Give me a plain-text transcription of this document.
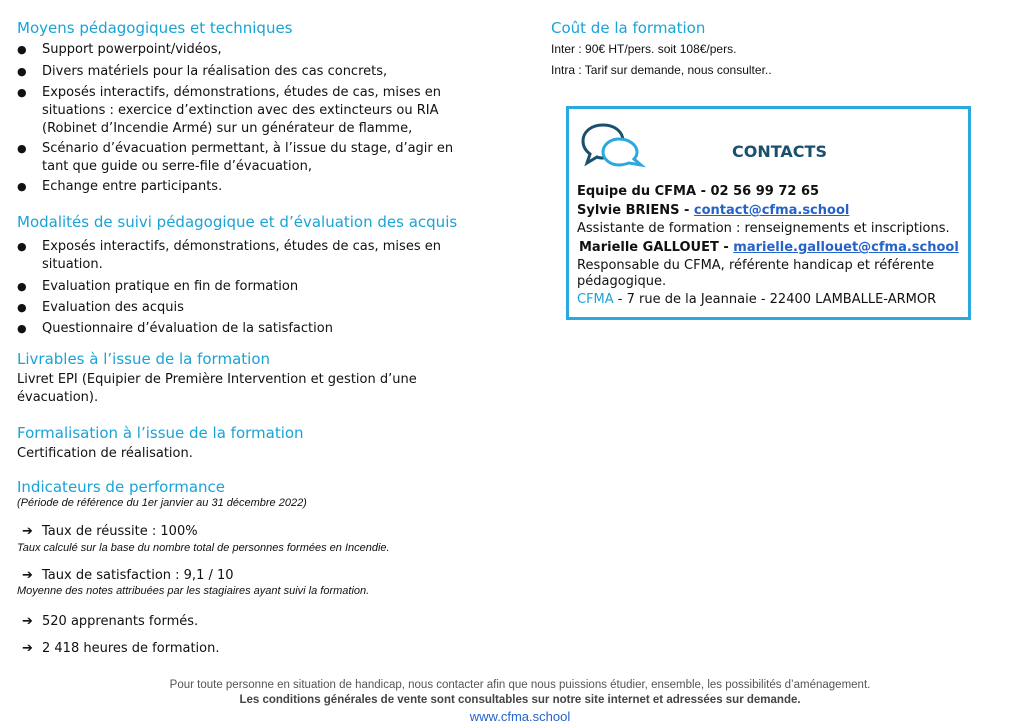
Moyens pédagogiques et techniques
● Support powerpoint/vidéos,
● Divers matériels pour la réalisation des cas concrets,
● Exposés interactifs, démonstrations, études de cas, mises en situations : exercice d’extinction avec des extincteurs ou RIA (Robinet d’Incendie Armé) sur un générateur de flamme,
● Scénario d’évacuation permettant, à l’issue du stage, d’agir en tant que guide ou serre-file d’évacuation,
● Echange entre participants.
Modalités de suivi pédagogique et d’évaluation des acquis
● Exposés interactifs, démonstrations, études de cas, mises en situation.
● Evaluation pratique en fin de formation
● Evaluation des acquis
● Questionnaire d’évaluation de la satisfaction
Livrables à l’issue de la formation
Livret EPI (Equipier de Première Intervention et gestion d’une évacuation).
Formalisation à l’issue de la formation
Certification de réalisation.
Indicateurs de performance
(Période de référence du 1er janvier au 31 décembre 2022)
➔ Taux de réussite : 100%
Taux calculé sur la base du nombre total de personnes formées en Incendie.
➔ Taux de satisfaction : 9,1 / 10
Moyenne des notes attribuées par les stagiaires ayant suivi la formation.
➔ 520 apprenants formés.
➔ 2 418 heures de formation.
Coût de la formation
Inter : 90€ HT/pers. soit 108€/pers.
Intra : Tarif sur demande, nous consulter..
CONTACTS
Equipe du CFMA - 02 56 99 72 65
Sylvie BRIENS - contact@cfma.school
Assistante de formation : renseignements et inscriptions.
Marielle GALLOUET - marielle.gallouet@cfma.school
Responsable du CFMA, référente handicap et référente
pédagogique.
CFMA - 7 rue de la Jeannaie - 22400 LAMBALLE-ARMOR
Pour toute personne en situation de handicap, nous contacter afin que nous puissions étudier, ensemble, les possibilités d’aménagement.
Les conditions générales de vente sont consultables sur notre site internet et adressées sur demande.
www.cfma.school
